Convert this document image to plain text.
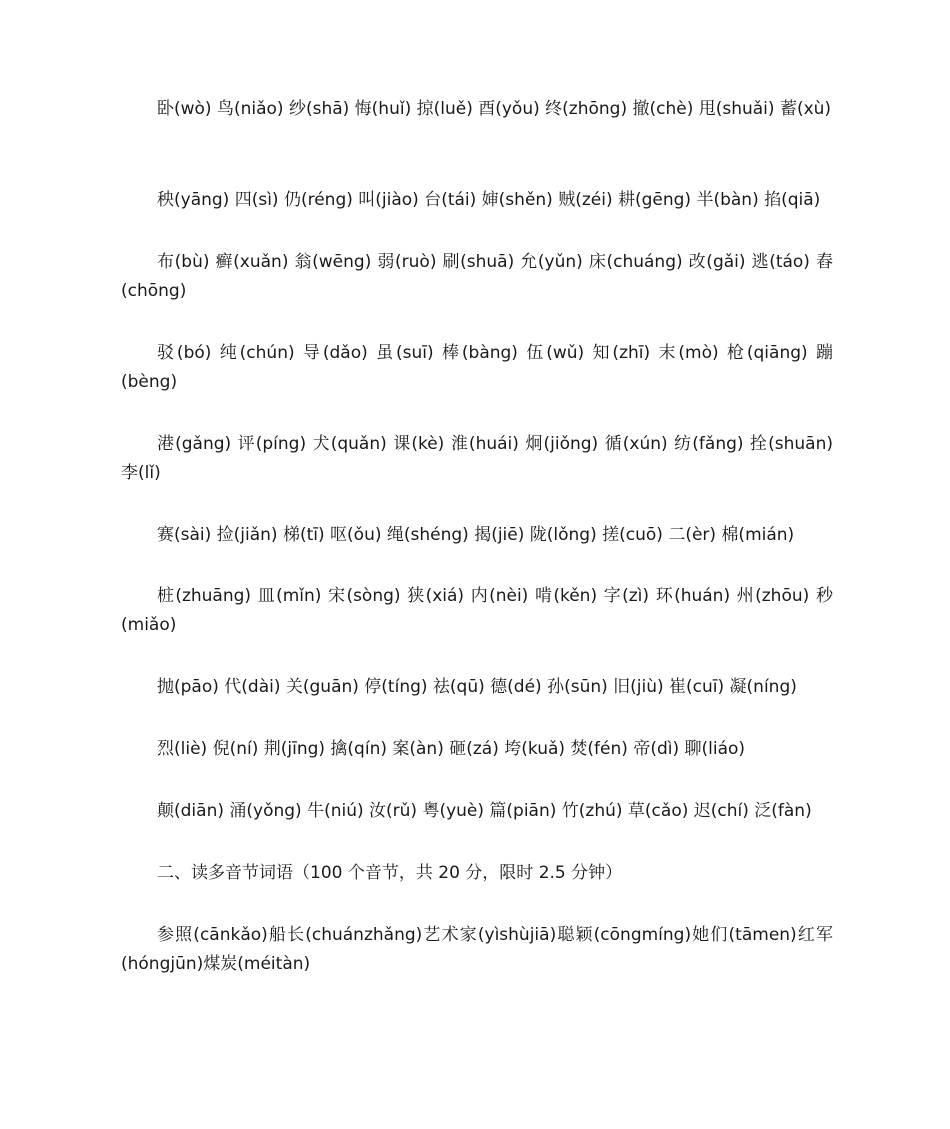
卧(wò) 鸟(niǎo) 纱(shā) 悔(huǐ) 掠(luě) 酉(yǒu) 终(zhōng) 撤(chè) 甩(shuǎi) 蓄(xù)

秧(yāng) 四(sì) 仍(réng) 叫(jiào) 台(tái) 婶(shěn) 贼(zéi) 耕(gēng) 半(bàn) 掐(qiā)

布(bù) 癣(xuǎn) 翁(wēng) 弱(ruò) 刷(shuā) 允(yǔn) 床(chuáng) 改(gǎi) 逃(táo) 舂(chōng)

驳(bó) 纯(chún) 导(dǎo) 虽(suī) 棒(bàng) 伍(wǔ) 知(zhī) 末(mò) 枪(qiāng) 蹦(bèng)

港(gǎng) 评(píng) 犬(quǎn) 课(kè) 淮(huái) 炯(jiǒng) 循(xún) 纺(fǎng) 拴(shuān) 李(lǐ)

赛(sài) 捡(jiǎn) 梯(tī) 呕(ǒu) 绳(shéng) 揭(jiē) 陇(lǒng) 搓(cuō) 二(èr) 棉(mián)

桩(zhuāng) 皿(mǐn) 宋(sòng) 狭(xiá) 内(nèi) 啃(kěn) 字(zì) 环(huán) 州(zhōu) 秒(miǎo)

抛(pāo) 代(dài) 关(guān) 停(tíng) 祛(qū) 德(dé) 孙(sūn) 旧(jiù) 崔(cuī) 凝(níng)

烈(liè) 倪(ní) 荆(jīng) 擒(qín) 案(àn) 砸(zá) 垮(kuǎ) 焚(fén) 帝(dì) 聊(liáo)

颠(diān) 涌(yǒng) 牛(niú) 汝(rǔ) 粤(yuè) 篇(piān) 竹(zhú) 草(cǎo) 迟(chí) 泛(fàn)

二、读多音节词语（100 个音节，共 20 分，限时 2.5 分钟）

参照(cānkǎo)船长(chuánzhǎng)艺术家(yìshùjiā)聪颖(cōngmíng)她们(tāmen)红军(hóngjūn)煤炭(méitàn)
